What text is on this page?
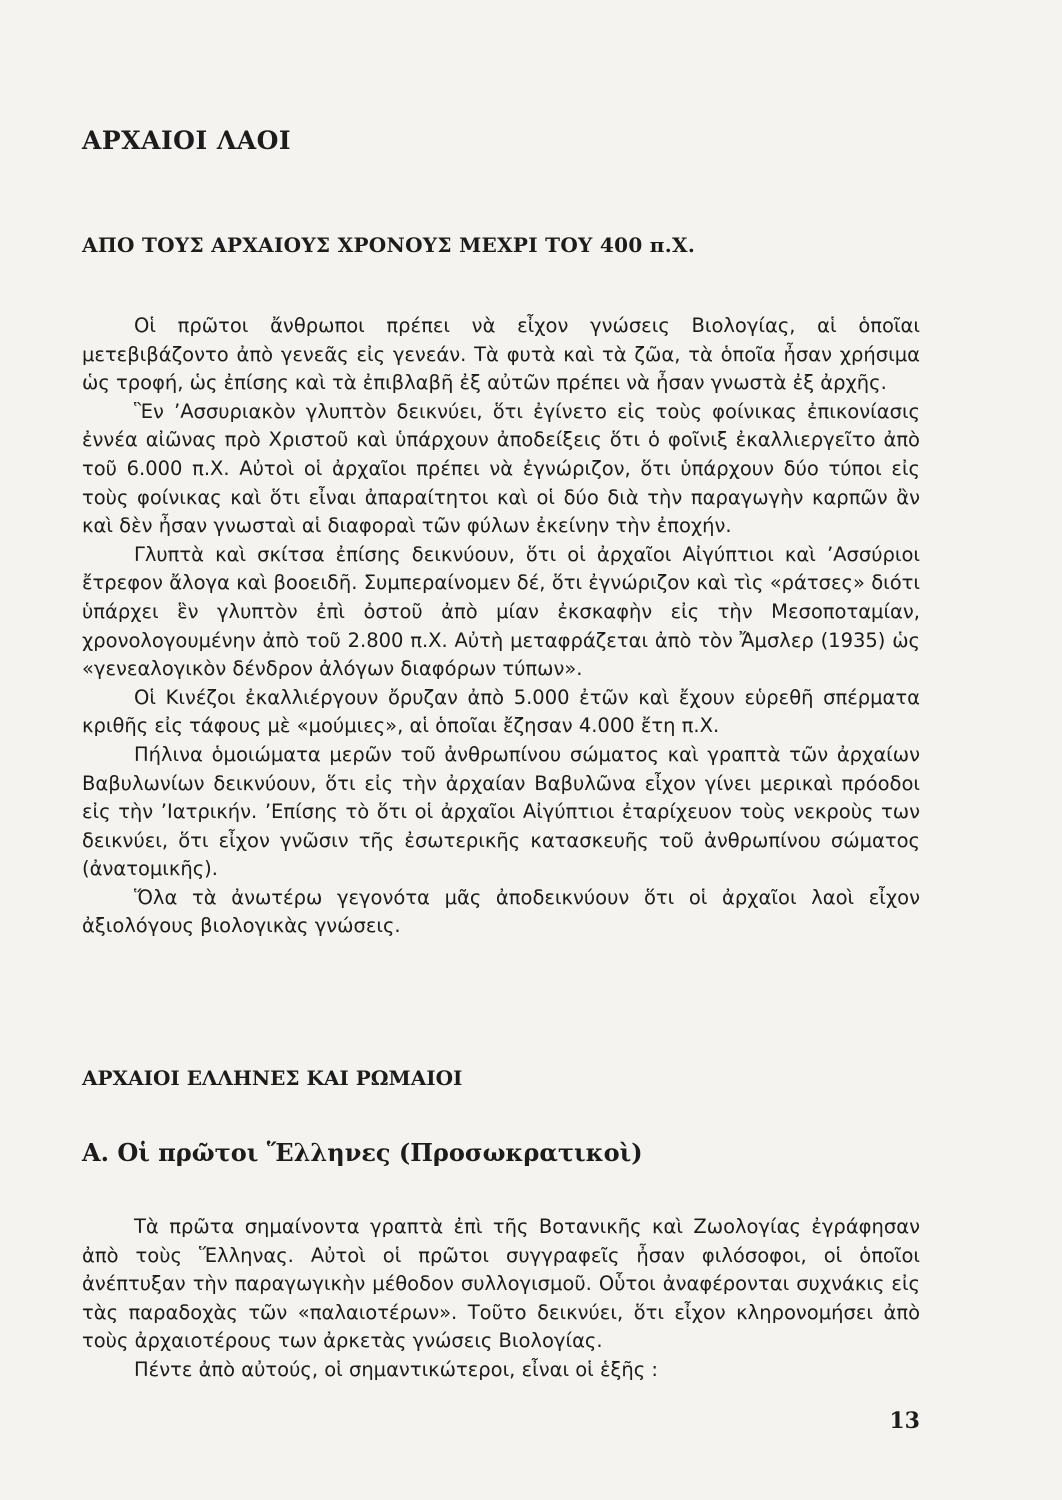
ΑΡΧΑΙΟΙ ΛΑΟΙ
ΑΠΟ ΤΟΥΣ ΑΡΧΑΙΟΥΣ ΧΡΟΝΟΥΣ ΜΕΧΡΙ ΤΟΥ 400 π.Χ.

Οἱ πρῶτοι ἄνθρωποι πρέπει νὰ εἶχον γνώσεις Βιολογίας, αἱ ὁποῖαι μετεβιβάζοντο ἀπὸ γενεᾶς εἰς γενεάν. Τὰ φυτὰ καὶ τὰ ζῶα, τὰ ὁποῖα ἦσαν χρήσιμα ὡς τροφή, ὡς ἐπίσης καὶ τὰ ἐπιβλαβῆ ἐξ αὐτῶν πρέπει νὰ ἦσαν γνωστὰ ἐξ ἀρχῆς.

Ἓν ’Ασσυριακὸν γλυπτὸν δεικνύει, ὅτι ἐγίνετο εἰς τοὺς φοίνικας ἐπικονίασις ἐννέα αἰῶνας πρὸ Χριστοῦ καὶ ὑπάρχουν ἀποδείξεις ὅτι ὁ φοῖνιξ ἐκαλλιεργεῖτο ἀπὸ τοῦ 6.000 π.Χ. Αὐτοὶ οἱ ἀρχαῖοι πρέπει νὰ ἐγνώριζον, ὅτι ὑπάρχουν δύο τύποι εἰς τοὺς φοίνικας καὶ ὅτι εἶναι ἀπαραίτητοι καὶ οἱ δύο διὰ τὴν παραγωγὴν καρπῶν ἂν καὶ δὲν ἦσαν γνωσταὶ αἱ διαφοραὶ τῶν φύλων ἐκείνην τὴν ἐποχήν.

Γλυπτὰ καὶ σκίτσα ἐπίσης δεικνύουν, ὅτι οἱ ἀρχαῖοι Αἰγύπτιοι καὶ ’Ασσύριοι ἔτρεφον ἄλογα καὶ βοοειδῆ. Συμπεραίνομεν δέ, ὅτι ἐγνώριζον καὶ τὶς «ράτσες» διότι ὑπάρχει ἓν γλυπτὸν ἐπὶ ὀστοῦ ἀπὸ μίαν ἐκσκαφὴν εἰς τὴν Μεσοποταμίαν, χρονολογουμένην ἀπὸ τοῦ 2.800 π.Χ. Αὐτὴ μεταφράζεται ἀπὸ τὸν Ἄμσλερ (1935) ὡς «γενεαλογικὸν δένδρον ἀλόγων διαφόρων τύπων».

Οἱ Κινέζοι ἐκαλλιέργουν ὄρυζαν ἀπὸ 5.000 ἐτῶν καὶ ἔχουν εὑρεθῆ σπέρματα κριθῆς εἰς τάφους μὲ «μούμιες», αἱ ὁποῖαι ἔζησαν 4.000 ἔτη π.Χ.

Πήλινα ὁμοιώματα μερῶν τοῦ ἀνθρωπίνου σώματος καὶ γραπτὰ τῶν ἀρχαίων Βαβυλωνίων δεικνύουν, ὅτι εἰς τὴν ἀρχαίαν Βαβυλῶνα εἶχον γίνει μερικαὶ πρόοδοι εἰς τὴν ’Ιατρικήν. ’Επίσης τὸ ὅτι οἱ ἀρχαῖοι Αἰγύπτιοι ἐταρίχευον τοὺς νεκροὺς των δεικνύει, ὅτι εἶχον γνῶσιν τῆς ἐσωτερικῆς κατασκευῆς τοῦ ἀνθρωπίνου σώματος (ἀνατομικῆς).

Ὅλα τὰ ἀνωτέρω γεγονότα μᾶς ἀποδεικνύουν ὅτι οἱ ἀρχαῖοι λαοὶ εἶχον ἀξιολόγους βιολογικὰς γνώσεις.

ΑΡΧΑΙΟΙ ΕΛΛΗΝΕΣ ΚΑΙ ΡΩΜΑΙΟΙ
Α. Οἱ πρῶτοι Ἕλληνες (Προσωκρατικοὶ)

Τὰ πρῶτα σημαίνοντα γραπτὰ ἐπὶ τῆς Βοτανικῆς καὶ Ζωολογίας ἐγράφησαν ἀπὸ τοὺς Ἕλληνας. Αὐτοὶ οἱ πρῶτοι συγγραφεῖς ἦσαν φιλόσοφοι, οἱ ὁποῖοι ἀνέπτυξαν τὴν παραγωγικὴν μέθοδον συλλογισμοῦ. Οὗτοι ἀναφέρονται συχνάκις εἰς τὰς παραδοχὰς τῶν «παλαιοτέρων». Τοῦτο δεικνύει, ὅτι εἶχον κληρονομήσει ἀπὸ τοὺς ἀρχαιοτέρους των ἀρκετὰς γνώσεις Βιολογίας.

Πέντε ἀπὸ αὐτούς, οἱ σημαντικώτεροι, εἶναι οἱ ἑξῆς :

13
